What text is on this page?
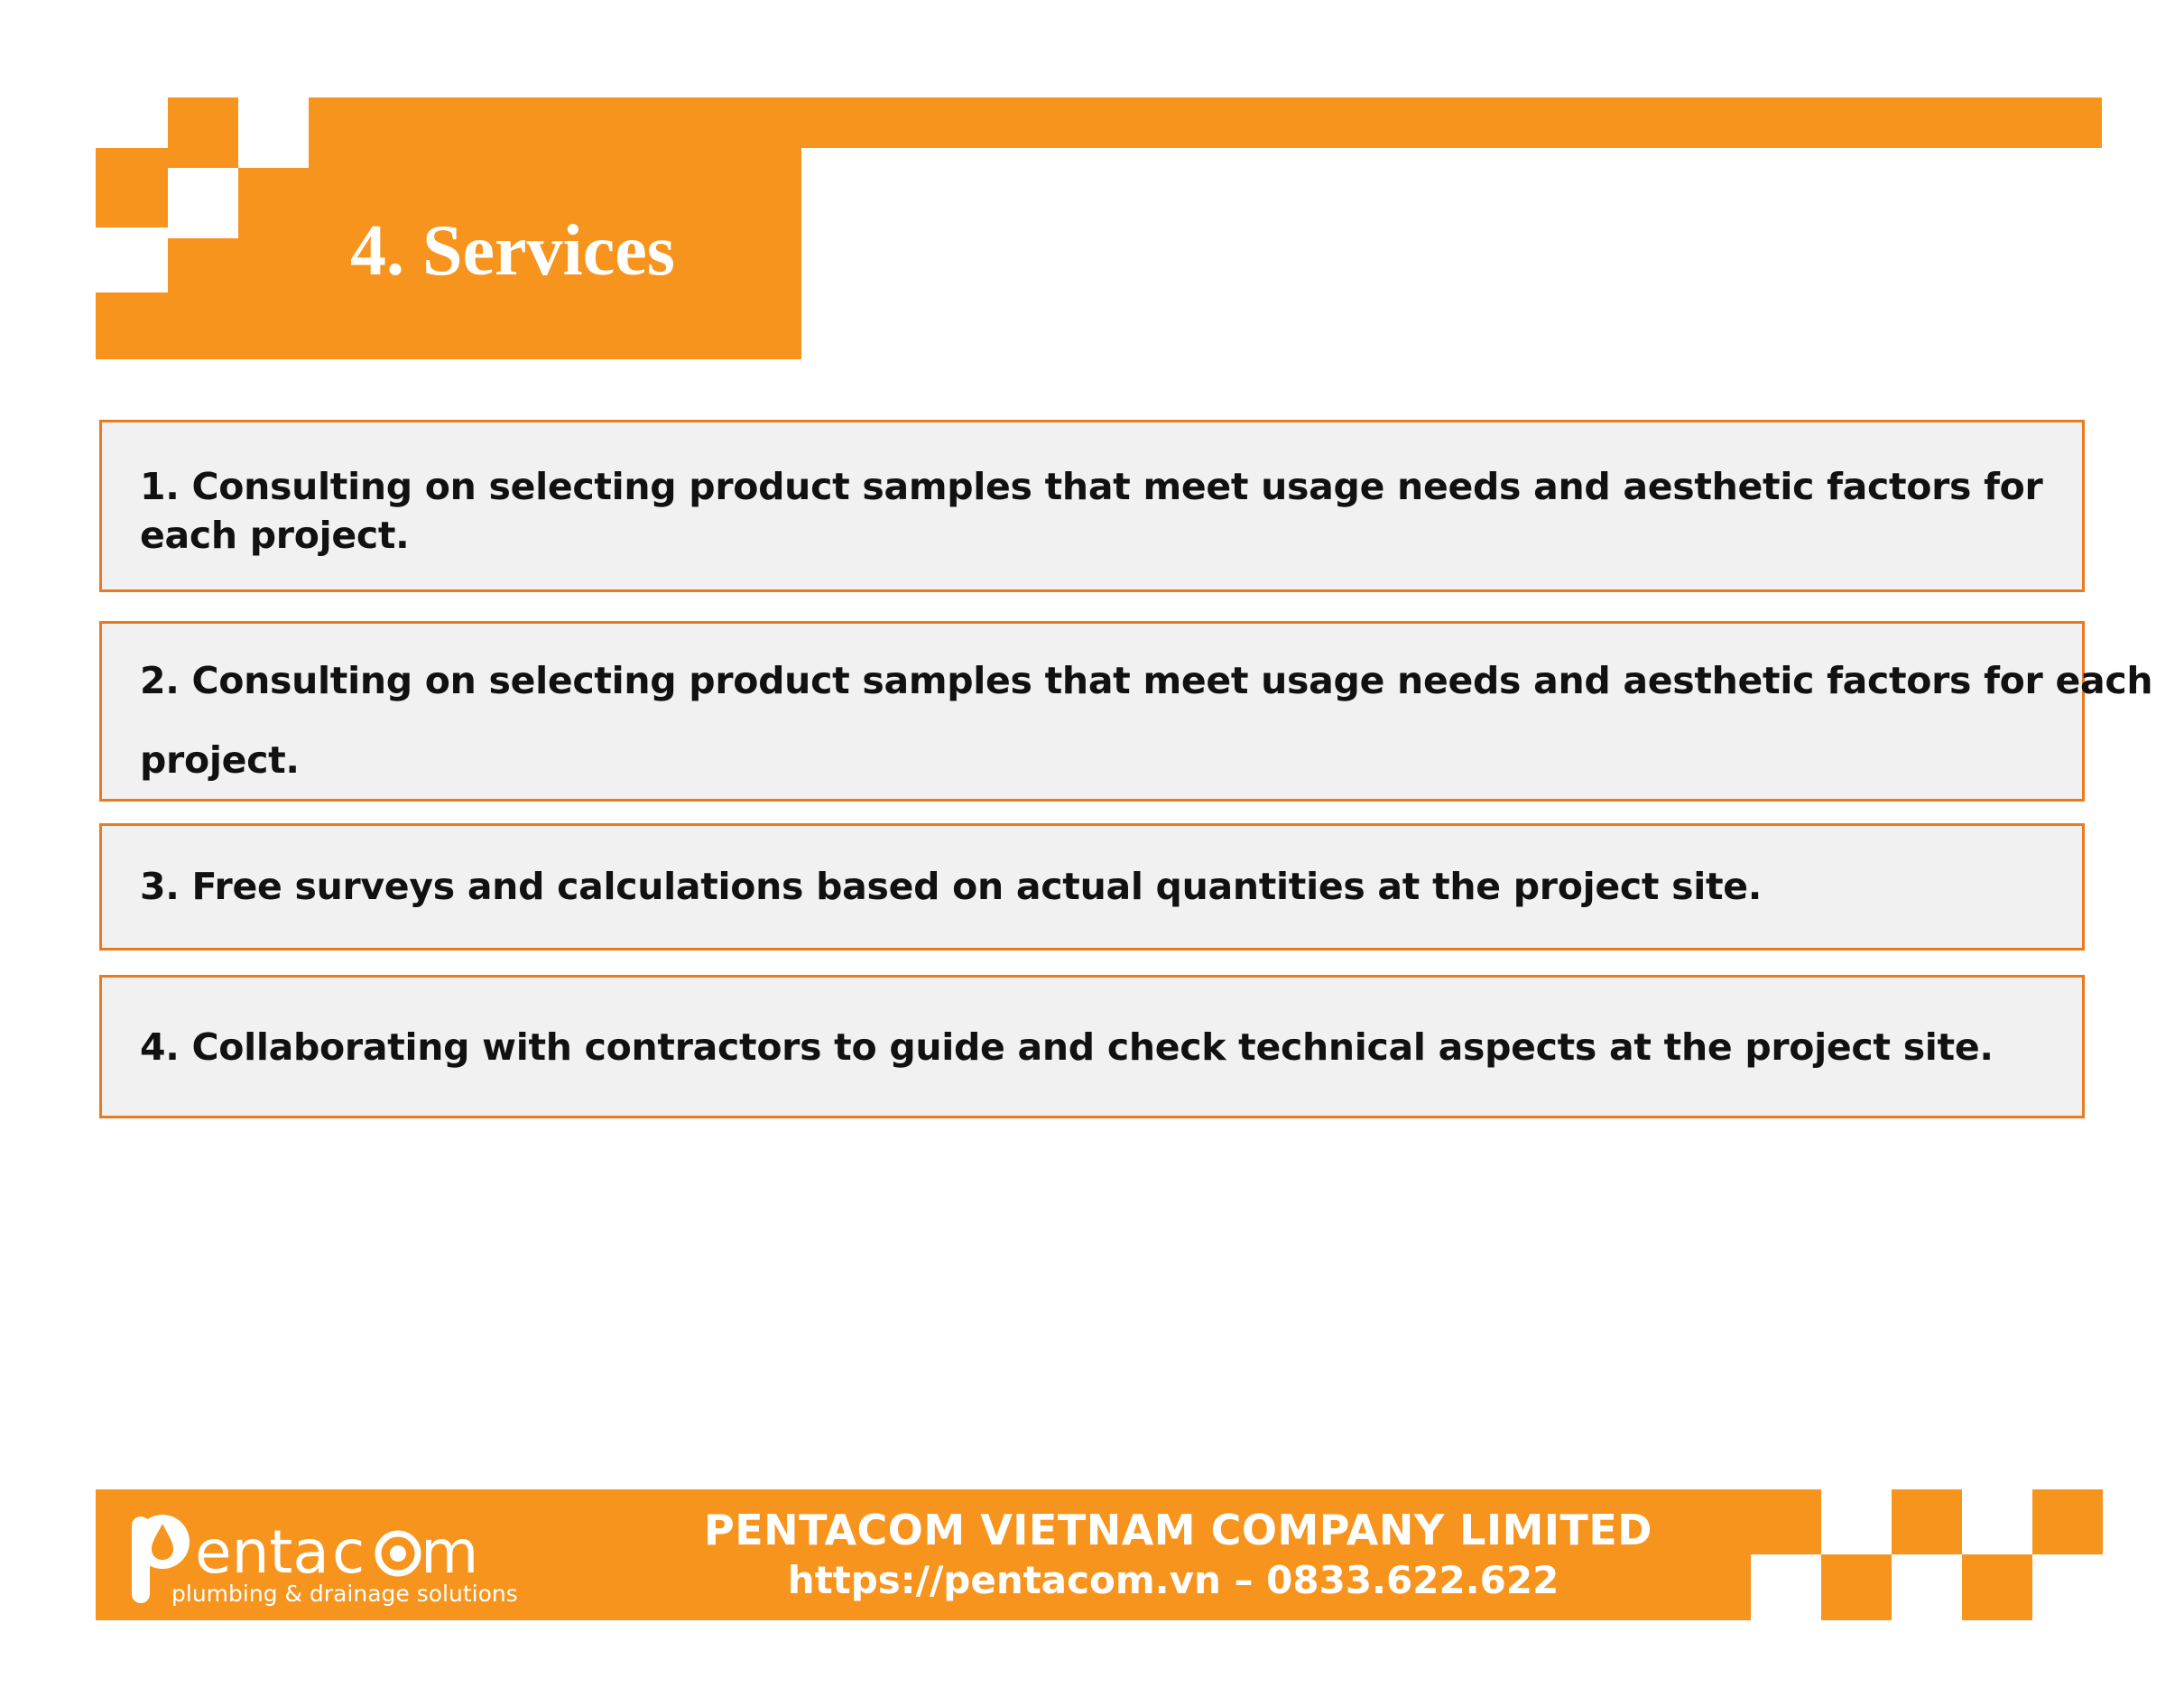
4. Services
1. Consulting on selecting product samples that meet usage needs and aesthetic factors for each project.
2. Consulting on selecting product samples that meet usage needs and aesthetic factors for each
project.
3. Free surveys and calculations based on actual quantities at the project site.
4. Collaborating with contractors to guide and check technical aspects at the project site.
enta c m
plumbing & drainage solutions
PENTACOM VIETNAM COMPANY LIMITED
https://pentacom.vn – 0833.622.622
